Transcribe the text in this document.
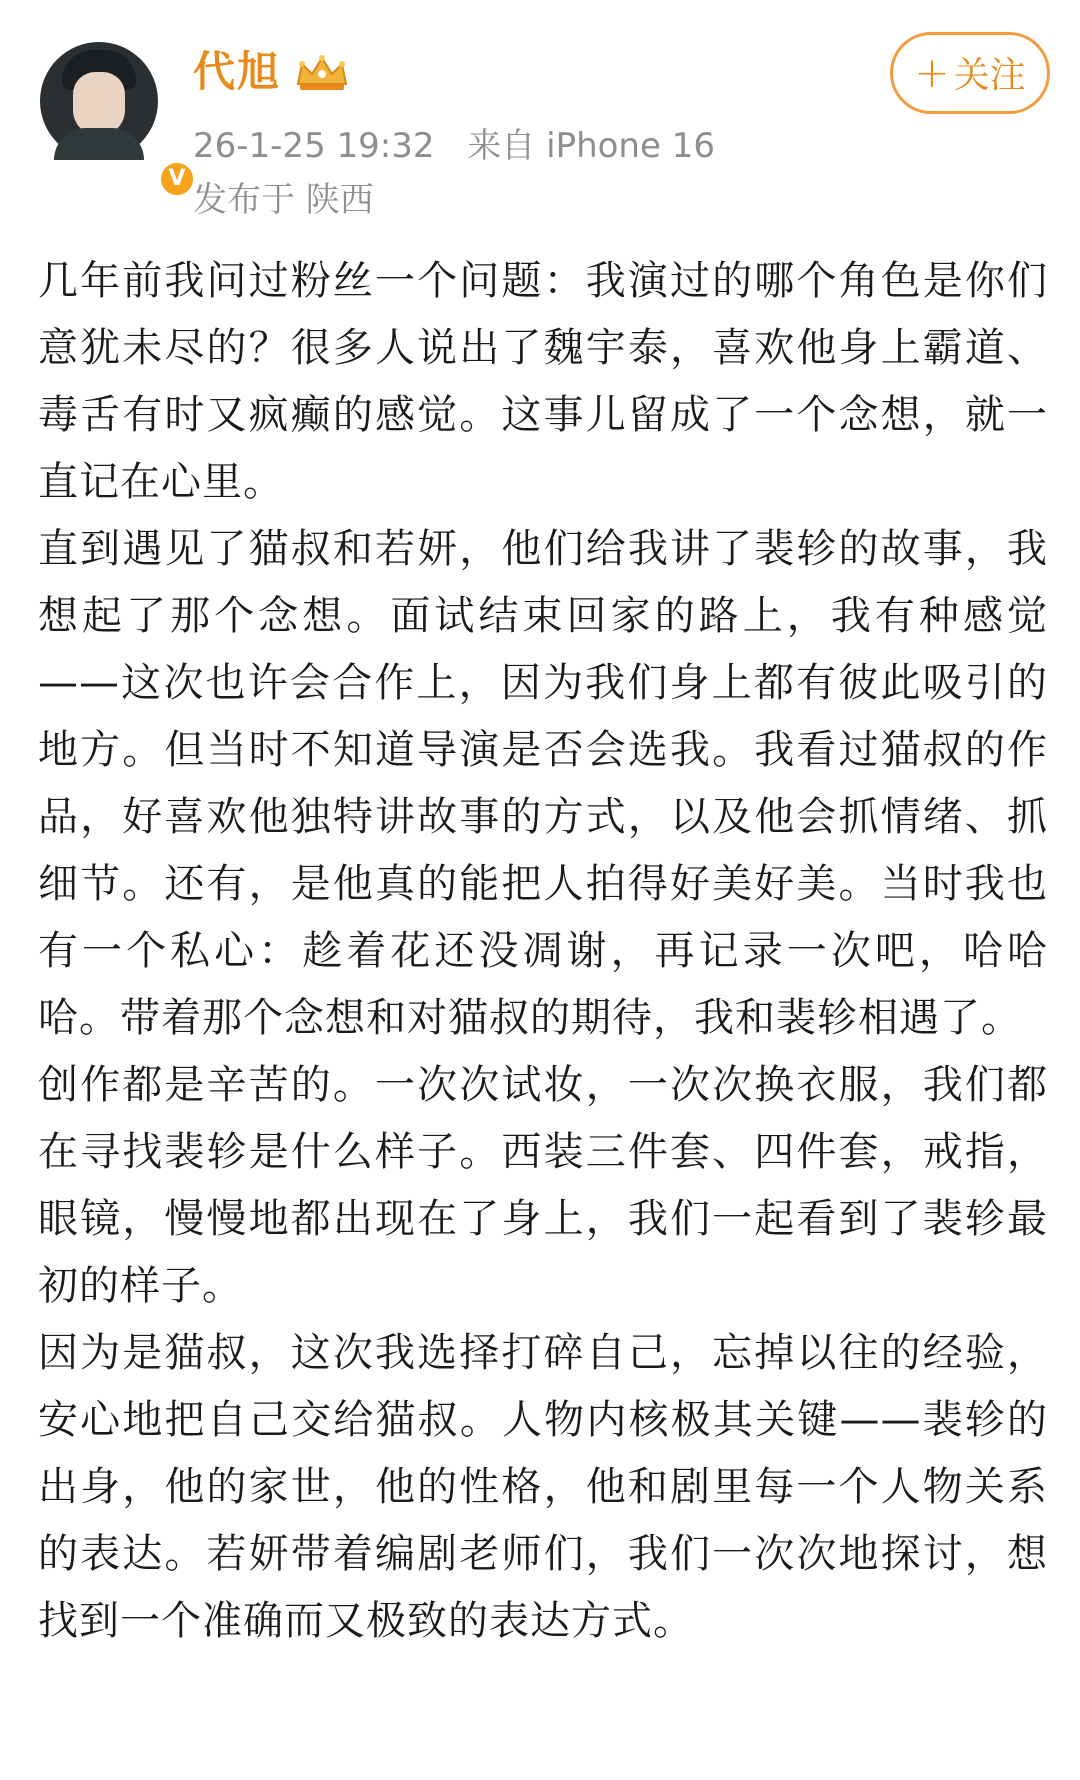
V
代旭
26-1-25 19:32 来自 iPhone 16
发布于 陕西
+ 关注

几年前我问过粉丝一个问题：我演过的哪个角色是你们意犹未尽的？很多人说出了魏宇泰，喜欢他身上霸道、毒舌有时又疯癫的感觉。这事儿留成了一个念想，就一直记在心里。

直到遇见了猫叔和若妍，他们给我讲了裴轸的故事，我想起了那个念想。面试结束回家的路上，我有种感觉——这次也许会合作上，因为我们身上都有彼此吸引的地方。但当时不知道导演是否会选我。我看过猫叔的作品，好喜欢他独特讲故事的方式，以及他会抓情绪、抓细节。还有，是他真的能把人拍得好美好美。当时我也有一个私心：趁着花还没凋谢，再记录一次吧，哈哈哈。带着那个念想和对猫叔的期待，我和裴轸相遇了。

创作都是辛苦的。一次次试妆，一次次换衣服，我们都在寻找裴轸是什么样子。西装三件套、四件套，戒指，眼镜，慢慢地都出现在了身上，我们一起看到了裴轸最初的样子。

因为是猫叔，这次我选择打碎自己，忘掉以往的经验，安心地把自己交给猫叔。人物内核极其关键——裴轸的出身，他的家世，他的性格，他和剧里每一个人物关系的表达。若妍带着编剧老师们，我们一次次地探讨，想找到一个准确而又极致的表达方式。
